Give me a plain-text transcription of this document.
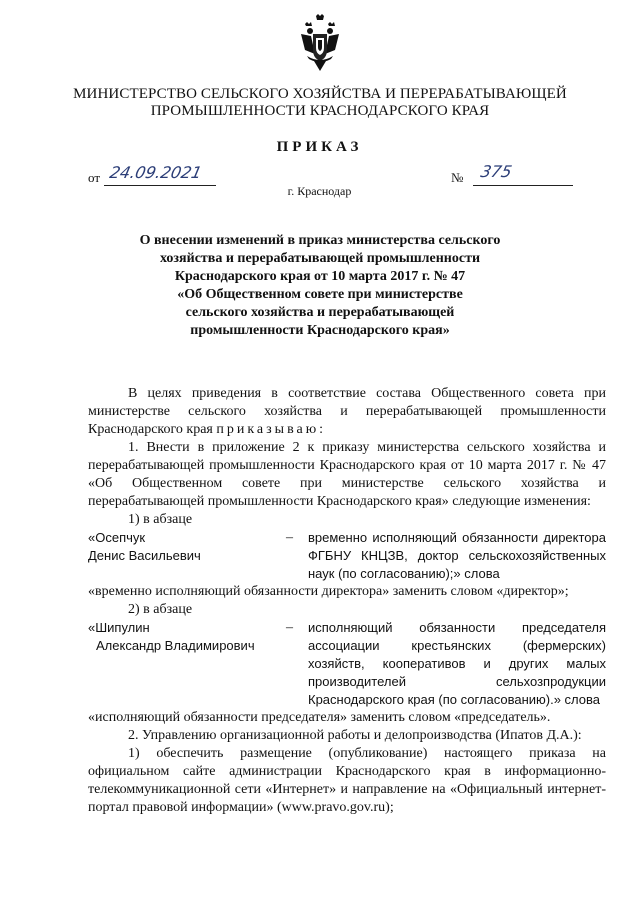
МИНИСТЕРСТВО СЕЛЬСКОГО ХОЗЯЙСТВА И ПЕРЕРАБАТЫВАЮЩЕЙ
ПРОМЫШЛЕННОСТИ КРАСНОДАРСКОГО КРАЯ
ПРИКАЗ
от 24.09.2021	№ 375
г. Краснодар
О внесении изменений в приказ министерства сельского
хозяйства и перерабатывающей промышленности
Краснодарского края от 10 марта 2017 г. № 47
«Об Общественном совете при министерстве
сельского хозяйства и перерабатывающей
промышленности Краснодарского края»

В целях приведения в соответствие состава Общественного совета при министерстве сельского хозяйства и перерабатывающей промышленности Краснодарского края приказываю:

1. Внести в приложение 2 к приказу министерства сельского хозяйства и перерабатывающей промышленности Краснодарского края от 10 марта 2017 г. № 47 «Об Общественном совете при министерстве сельского хозяйства и перерабатывающей промышленности Краснодарского края» следующие изменения:

1) в абзаце

«Осепчук
Денис Васильевич
–	временно исполняющий обязанности директора ФГБНУ КНЦЗВ, доктор сельскохозяйственных наук (по согласованию);» слова

«временно исполняющий обязанности директора» заменить словом «директор»;

2) в абзаце

«Шипулин
Александр Владимирович
–	исполняющий обязанности председателя ассоциации крестьянских (фермерских) хозяйств, кооперативов и других малых производителей сельхозпродукции Краснодарского края (по согласованию).» слова

«исполняющий обязанности председателя» заменить словом «председатель».

2. Управлению организационной работы и делопроизводства (Ипатов Д.А.):

1) обеспечить размещение (опубликование) настоящего приказа на официальном сайте администрации Краснодарского края в информационно-телекоммуникационной сети «Интернет» и направление на «Официальный интернет-портал правовой информации» (www.pravo.gov.ru);
